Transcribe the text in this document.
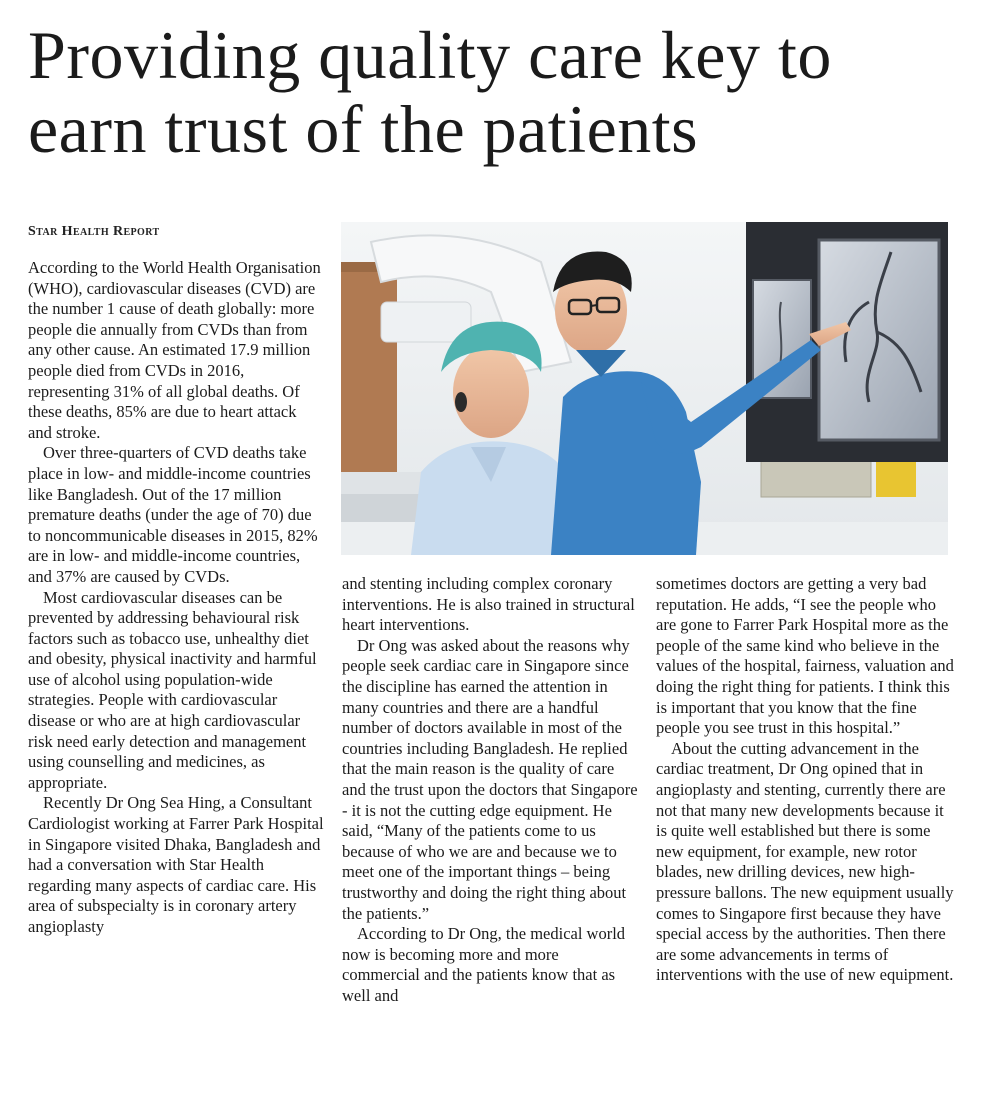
Providing quality care key to
earn trust of the patients
Star Health Report

According to the World Health Organisation (WHO), cardiovascular diseases (CVD) are the number 1 cause of death globally: more people die annually from CVDs than from any other cause. An estimated 17.9 million people died from CVDs in 2016, representing 31% of all global deaths. Of these deaths, 85% are due to heart attack and stroke.

Over three-quarters of CVD deaths take place in low- and middle-income countries like Bangladesh. Out of the 17 million premature deaths (under the age of 70) due to noncommunicable diseases in 2015, 82% are in low- and middle-income countries, and 37% are caused by CVDs.

Most cardiovascular diseases can be prevented by addressing behavioural risk factors such as tobacco use, unhealthy diet and obesity, physical inactivity and harmful use of alcohol using population-wide strategies. People with cardiovascular disease or who are at high cardiovascular risk need early detection and management using counselling and medicines, as appropriate.

Recently Dr Ong Sea Hing, a Consultant Cardiologist working at Farrer Park Hospital in Singapore visited Dhaka, Bangladesh and had a conversation with Star Health regarding many aspects of cardiac care. His area of subspecialty is in coronary artery angioplasty

and stenting including complex coronary interventions. He is also trained in structural heart interventions.

Dr Ong was asked about the reasons why people seek cardiac care in Singapore since the discipline has earned the attention in many countries and there are a handful number of doctors available in most of the countries including Bangladesh. He replied that the main reason is the quality of care and the trust upon the doctors that Singapore - it is not the cutting edge equipment. He said, “Many of the patients come to us because of who we are and because we to meet one of the important things – being trustworthy and doing the right thing about the patients.”

According to Dr Ong, the medical world now is becoming more and more commercial and the patients know that as well and

sometimes doctors are getting a very bad reputation. He adds, “I see the people who are gone to Farrer Park Hospital more as the people of the same kind who believe in the values of the hospital, fairness, valuation and doing the right thing for patients. I think this is important that you know that the fine people you see trust in this hospital.”

About the cutting advancement in the cardiac treatment, Dr Ong opined that in angioplasty and stenting, currently there are not that many new developments because it is quite well established but there is some new equipment, for example, new rotor blades, new drilling devices, new high-pressure ballons. The new equipment usually comes to Singapore first because they have special access by the authorities. Then there are some advancements in terms of interventions with the use of new equipment.
